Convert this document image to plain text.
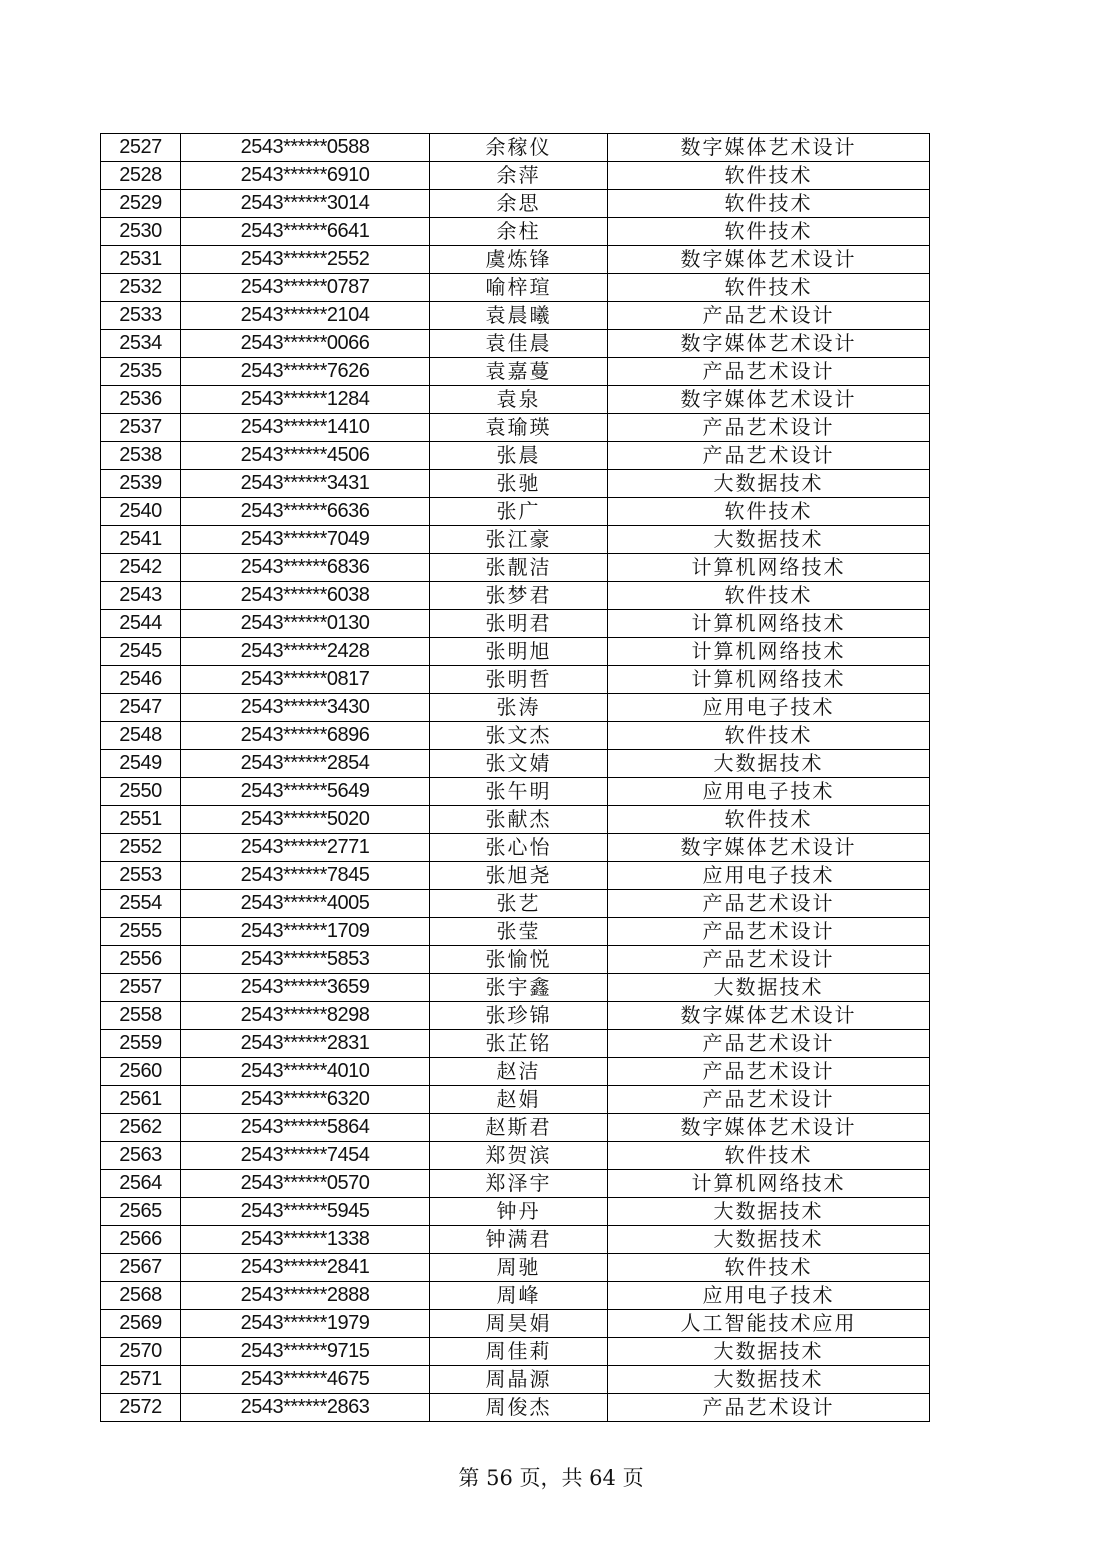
2527	2543******0588	余稼仪	数字媒体艺术设计
2528	2543******6910	余萍	软件技术
2529	2543******3014	余思	软件技术
2530	2543******6641	余柱	软件技术
2531	2543******2552	虞炼锋	数字媒体艺术设计
2532	2543******0787	喻梓瑄	软件技术
2533	2543******2104	袁晨曦	产品艺术设计
2534	2543******0066	袁佳晨	数字媒体艺术设计
2535	2543******7626	袁嘉蔓	产品艺术设计
2536	2543******1284	袁泉	数字媒体艺术设计
2537	2543******1410	袁瑜瑛	产品艺术设计
2538	2543******4506	张晨	产品艺术设计
2539	2543******3431	张驰	大数据技术
2540	2543******6636	张广	软件技术
2541	2543******7049	张江豪	大数据技术
2542	2543******6836	张靓洁	计算机网络技术
2543	2543******6038	张梦君	软件技术
2544	2543******0130	张明君	计算机网络技术
2545	2543******2428	张明旭	计算机网络技术
2546	2543******0817	张明哲	计算机网络技术
2547	2543******3430	张涛	应用电子技术
2548	2543******6896	张文杰	软件技术
2549	2543******2854	张文婧	大数据技术
2550	2543******5649	张午明	应用电子技术
2551	2543******5020	张献杰	软件技术
2552	2543******2771	张心怡	数字媒体艺术设计
2553	2543******7845	张旭尧	应用电子技术
2554	2543******4005	张艺	产品艺术设计
2555	2543******1709	张莹	产品艺术设计
2556	2543******5853	张愉悦	产品艺术设计
2557	2543******3659	张宇鑫	大数据技术
2558	2543******8298	张珍锦	数字媒体艺术设计
2559	2543******2831	张芷铭	产品艺术设计
2560	2543******4010	赵洁	产品艺术设计
2561	2543******6320	赵娟	产品艺术设计
2562	2543******5864	赵斯君	数字媒体艺术设计
2563	2543******7454	郑贺滨	软件技术
2564	2543******0570	郑泽宇	计算机网络技术
2565	2543******5945	钟丹	大数据技术
2566	2543******1338	钟满君	大数据技术
2567	2543******2841	周驰	软件技术
2568	2543******2888	周峰	应用电子技术
2569	2543******1979	周昊娟	人工智能技术应用
2570	2543******9715	周佳莉	大数据技术
2571	2543******4675	周晶源	大数据技术
2572	2543******2863	周俊杰	产品艺术设计
第 56 页，共 64 页
